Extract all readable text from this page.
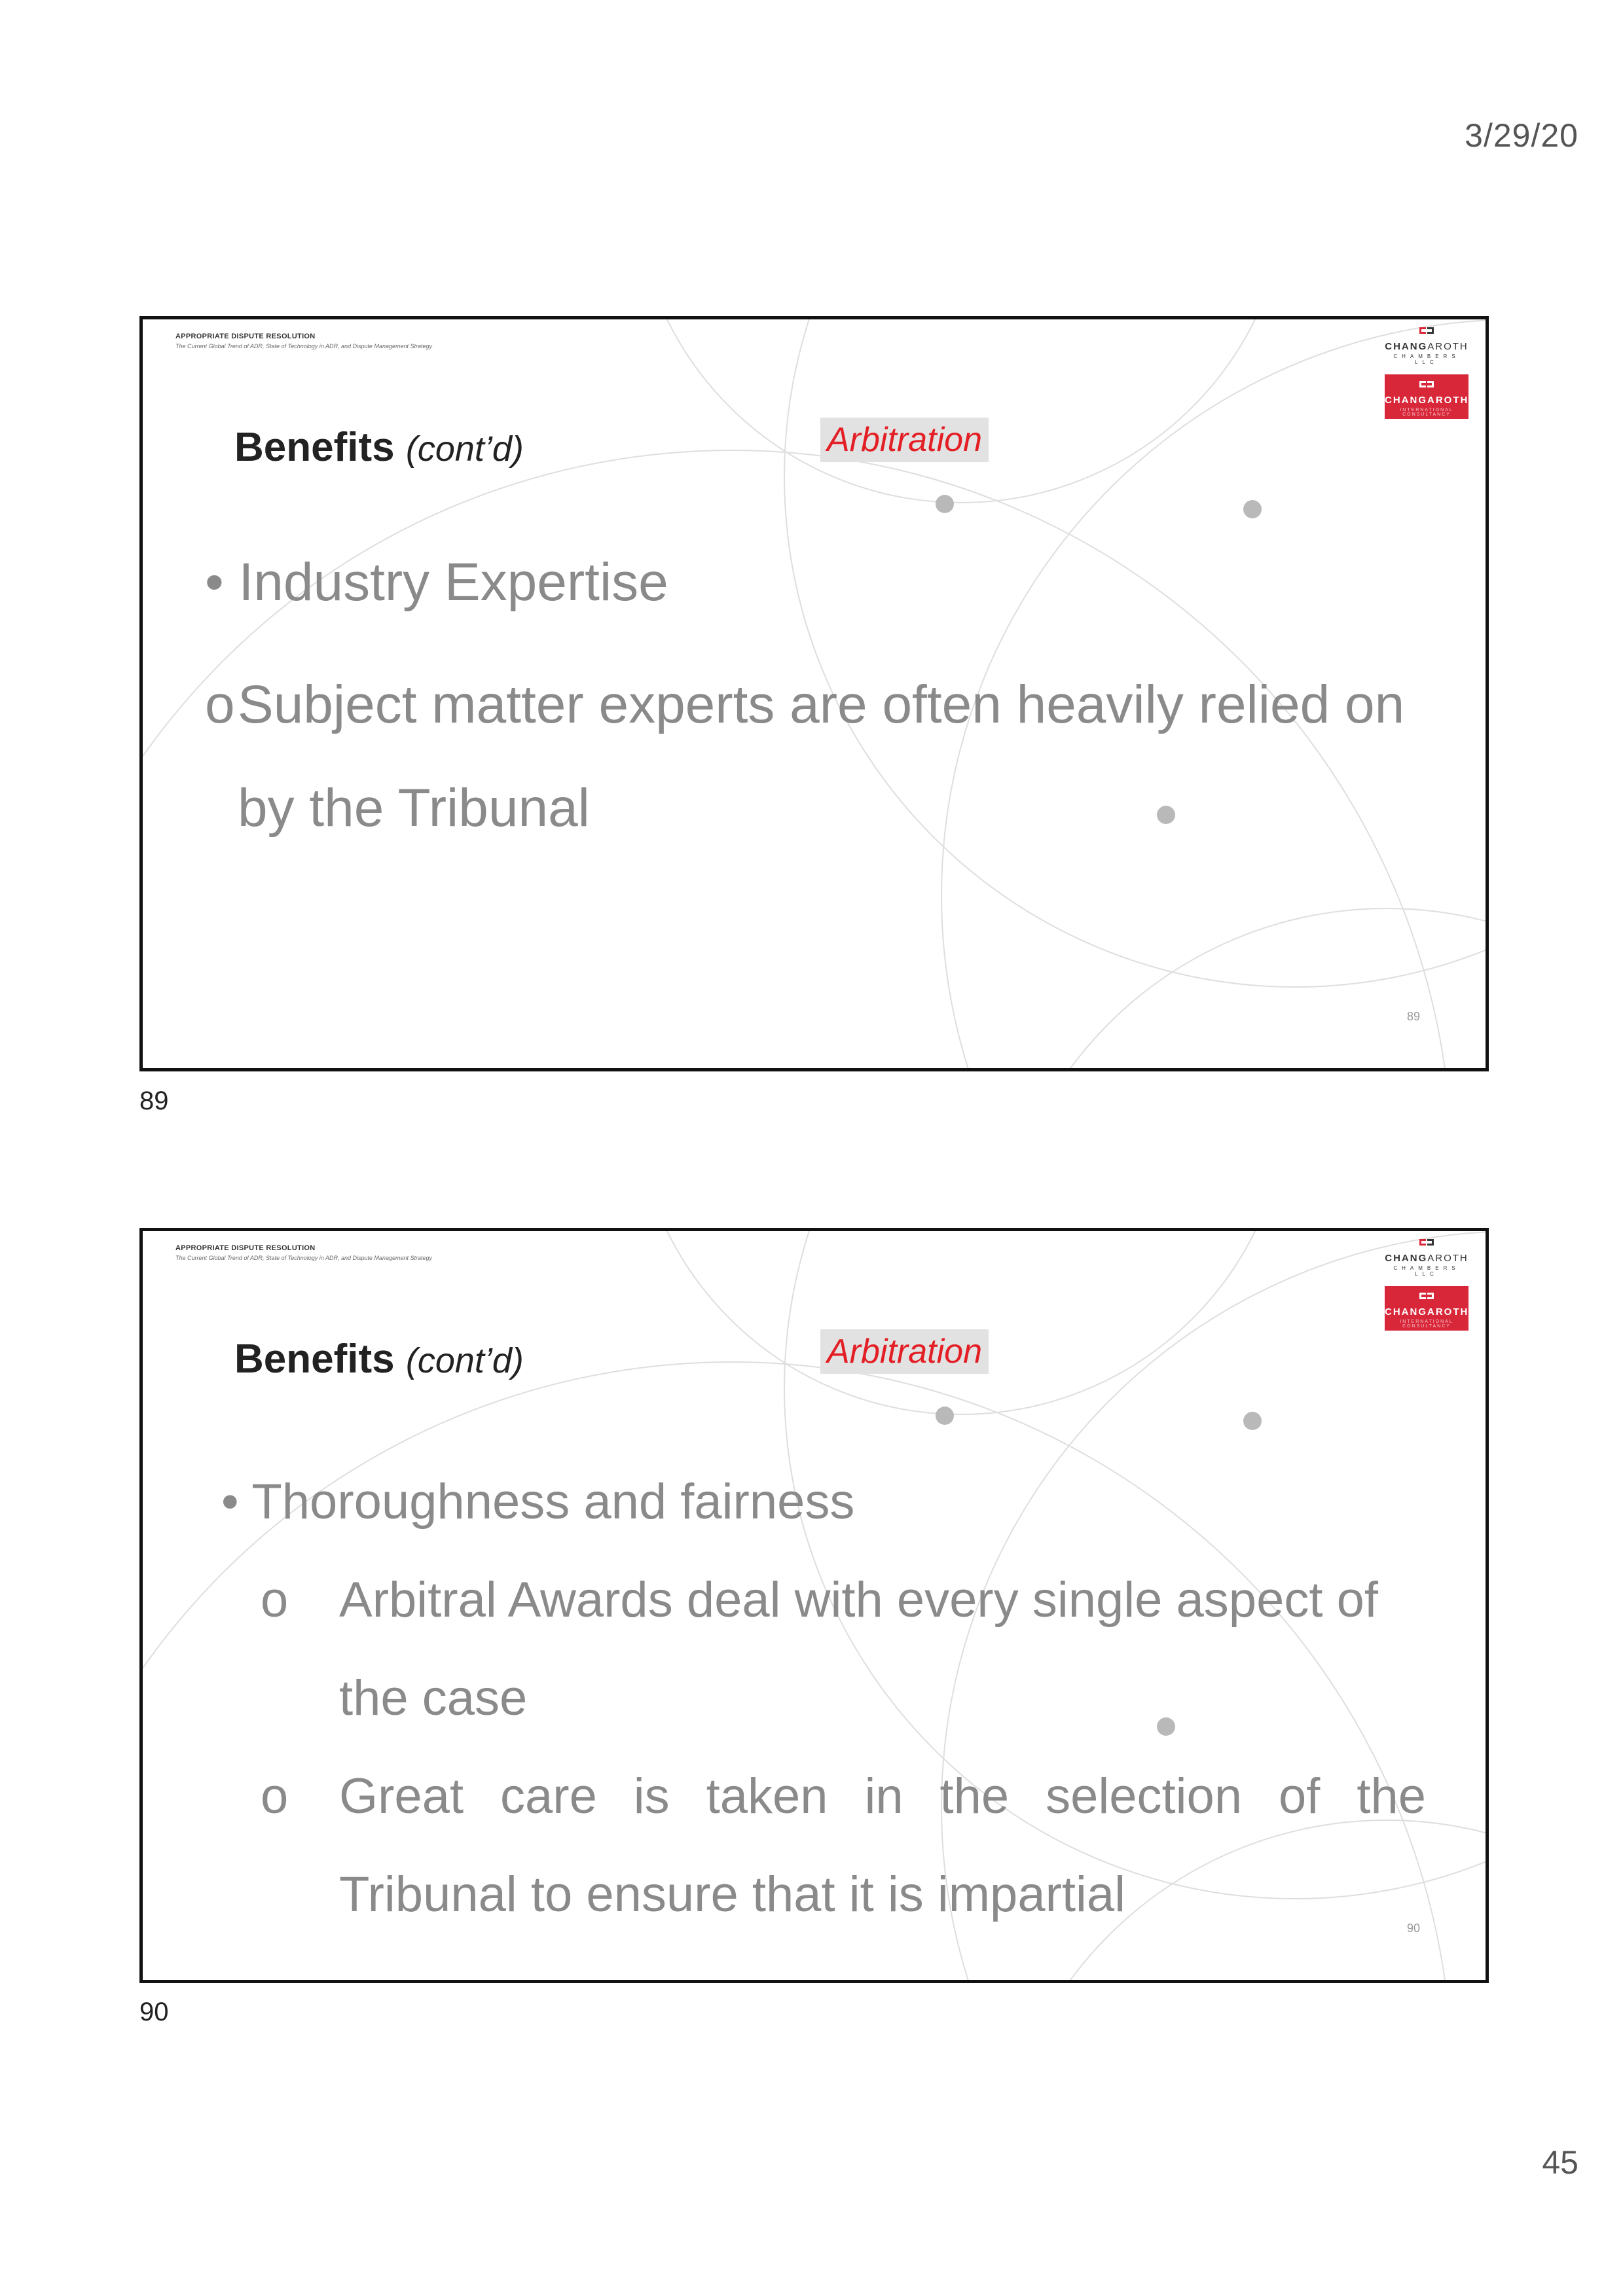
3/29/20
APPROPRIATE DISPUTE RESOLUTION
The Current Global Trend of ADR, State of Technology in ADR, and Dispute Management Strategy	CHANGAROTH
CHAMBERS LLC
CHANGAROTH
INTERNATIONAL CONSULTANCY
Benefits (cont’d)	Arbitration
• Industry Expertise
oSubject matter experts are often heavily relied on
by the Tribunal
89
89
APPROPRIATE DISPUTE RESOLUTION
The Current Global Trend of ADR, State of Technology in ADR, and Dispute Management Strategy	CHANGAROTH
CHAMBERS LLC
CHANGAROTH
INTERNATIONAL CONSULTANCY
Benefits (cont’d)	Arbitration
• Thoroughness and fairness
o Arbitral Awards deal with every single aspect of
the case
o Great care is taken in the selection of the
Tribunal to ensure that it is impartial
90
90
45
